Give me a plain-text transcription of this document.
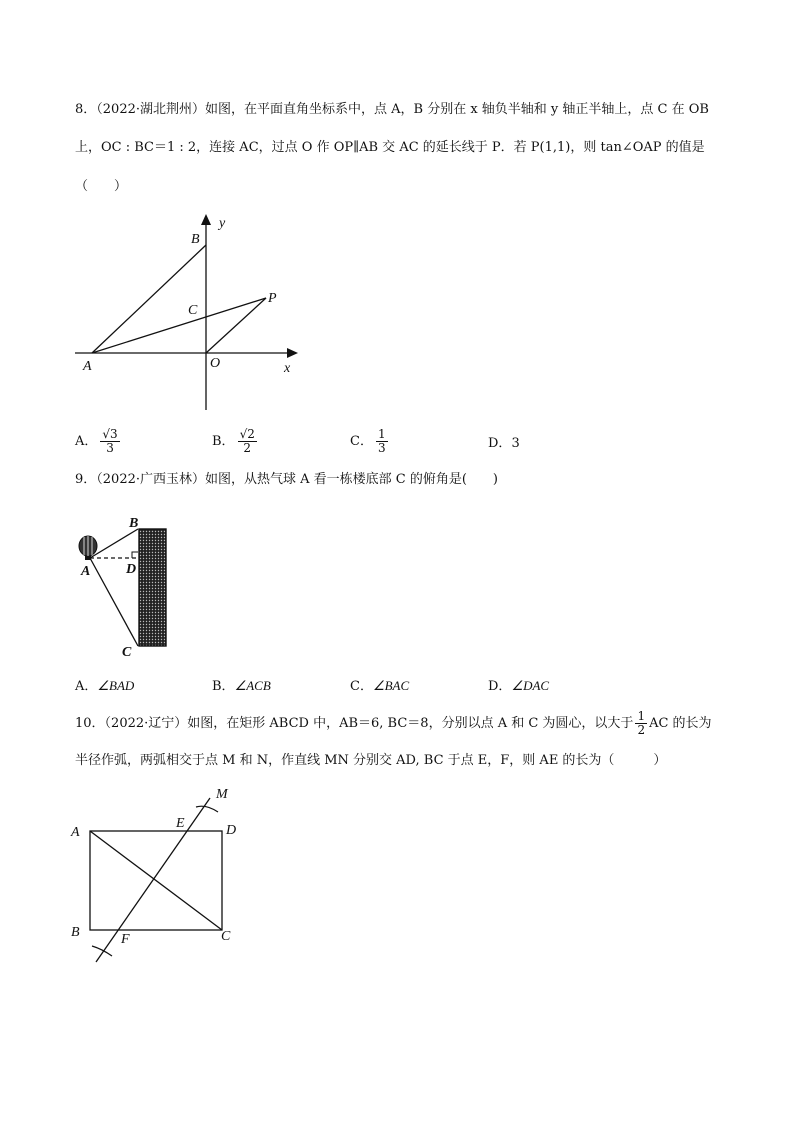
8．（2022·湖北荆州）如图，在平面直角坐标系中，点 A，B 分别在 x 轴负半轴和 y 轴正半轴上，点 C 在 OB
上，OC : BC＝1 : 2，连接 AC，过点 O 作 OP∥AB 交 AC 的延长线于 P．若 P(1,1)，则 tan∠OAP 的值是
（　　）
y
B
C
P
A	O	x
A． $\frac{√3}{3}$	B． $\frac{√2}{2}$	C． $\frac{1}{3}$	D．3
9．（2022·广西玉林）如图，从热气球 A 看一栋楼底部 C 的俯角是(　　)
B
A	D
C
A．∠BAD	B．∠ACB	C．∠BAC	D．∠DAC
10．（2022·辽宁）如图，在矩形 ABCD 中，AB＝6, BC＝8，分别以点 A 和 C 为圆心，以大于 $\frac{1}{2}$ AC 的长为
半径作弧，两弧相交于点 M 和 N，作直线 MN 分别交 AD, BC 于点 E，F，则 AE 的长为（　　　）
M
E	D
A
B	F	C
